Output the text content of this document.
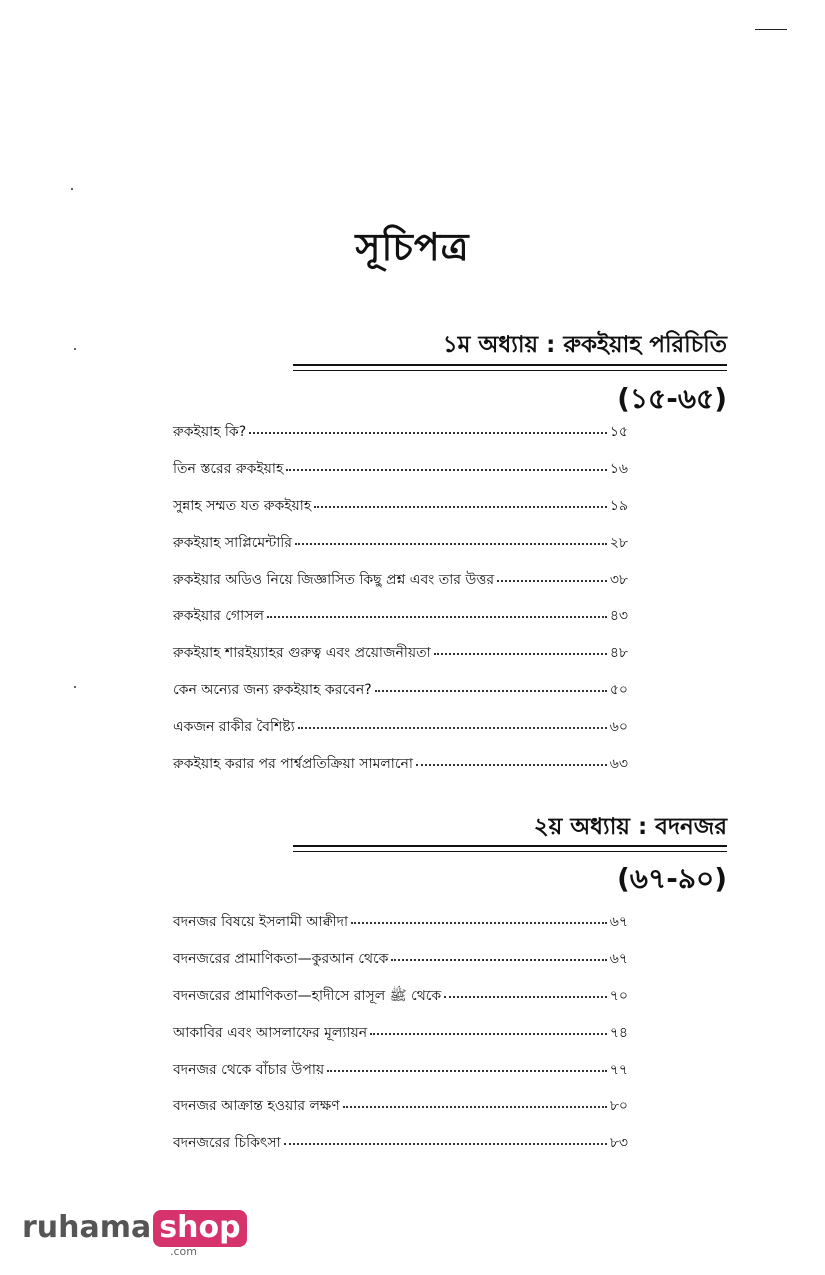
সূচিপত্র
১ম অধ্যায় : রুকইয়াহ পরিচিতি
(১৫-৬৫)
রুকইয়াহ কি?	১৫
তিন স্তরের রুকইয়াহ	১৬
সুন্নাহ সম্মত যত রুকইয়াহ	১৯
রুকইয়াহ সাপ্লিমেন্টারি	২৮
রুকইয়ার অডিও নিয়ে জিজ্ঞাসিত কিছু প্রশ্ন এবং তার উত্তর	৩৮
রুকইয়ার গোসল	৪৩
রুকইয়াহ শারইয়্যাহর গুরুত্ব এবং প্রয়োজনীয়তা	৪৮
কেন অন্যের জন্য রুকইয়াহ করবেন?	৫০
একজন রাকীর বৈশিষ্ট্য	৬০
রুকইয়াহ করার পর পার্শ্বপ্রতিক্রিয়া সামলানো	৬৩
২য় অধ্যায় : বদনজর
(৬৭-৯০)
বদনজর বিষয়ে ইসলামী আক্বীদা	৬৭
বদনজরের প্রামাণিকতা—কুরআন থেকে	৬৭
বদনজরের প্রামাণিকতা—হাদীসে রাসূল ﷺ থেকে	৭০
আকাবির এবং আসলাফের মূল্যায়ন	৭৪
বদনজর থেকে বাঁচার উপায়	৭৭
বদনজর আক্রান্ত হওয়ার লক্ষণ	৮০
বদনজরের চিকিৎসা	৮৩
ruhama shop
.com
